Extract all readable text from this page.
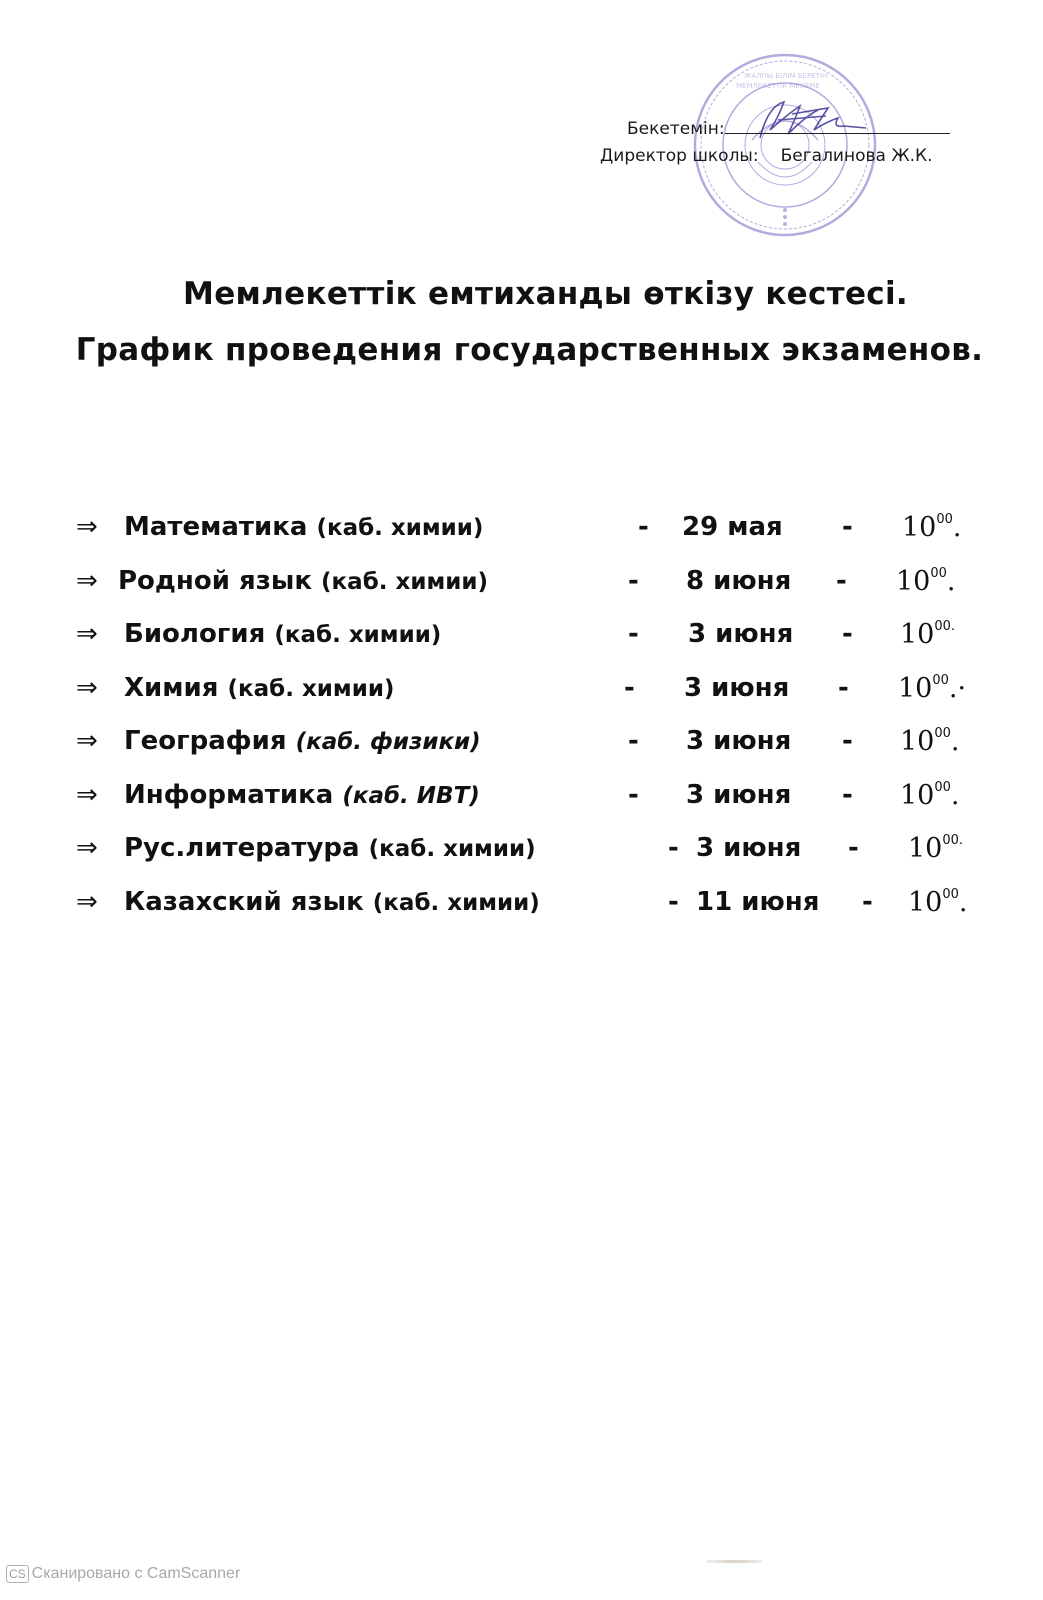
ЖАЛПЫ БІЛІМ БЕРЕТІН
МЕМЛЕКЕТТІК МЕКЕМЕ
Бекетемін:
Директор школы: Бегалинова Ж.К.
Мемлекеттік емтиханды өткізу кестесі.
График проведения государственных экзаменов.
⇒ Математика (каб. химии)	- 29 мая - $10^{00}$.
⇒ Родной язык (каб. химии)	- 8 июня - $10^{00}$.
⇒ Биология (каб. химии)	- 3 июня - $10^{00.}$
⇒ Химия (каб. химии)	- 3 июня - $10^{00}.\cdot$
⇒ География (каб. физики)	- 3 июня - $10^{00}$.
⇒ Информатика (каб. ИВТ)	- 3 июня - $10^{00}$.
⇒ Рус.литература (каб. химии)	- 3 июня - $10^{00.}$
⇒ Казахский язык (каб. химии)	- 11 июня - $10^{00}$.
CS Сканировано с CamScanner
